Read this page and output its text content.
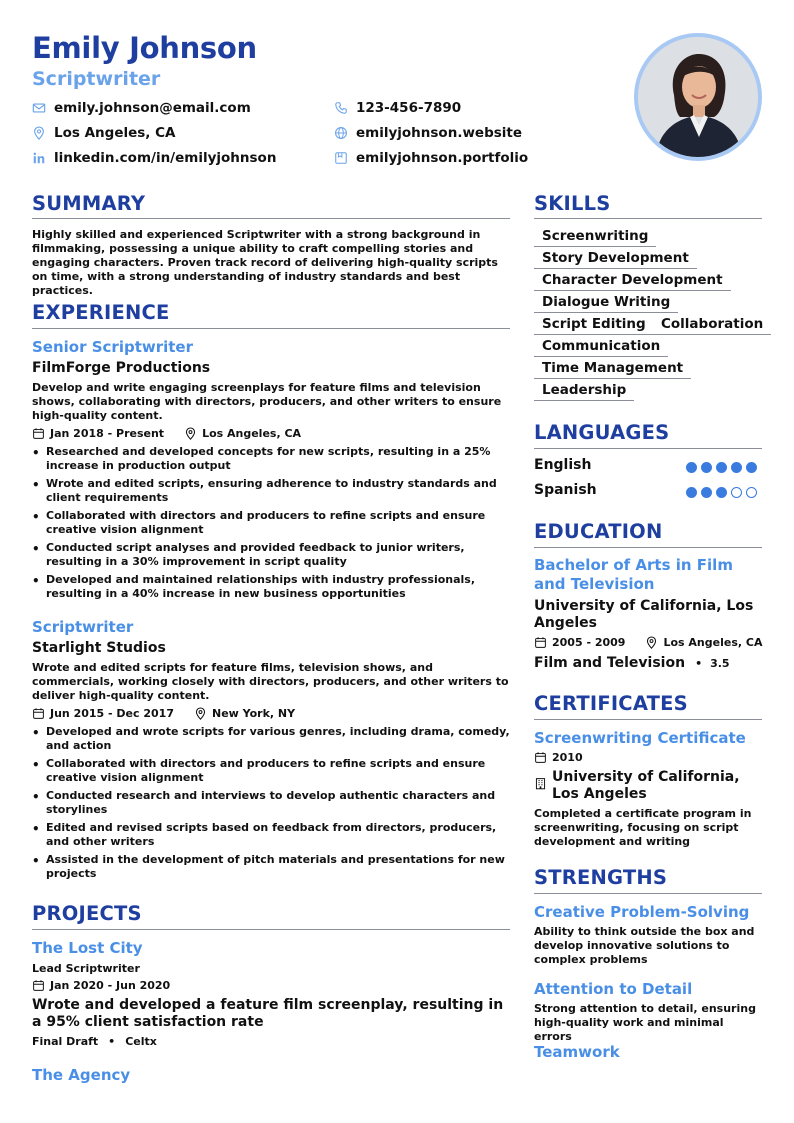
Emily Johnson
Scriptwriter
emily.johnson@email.com	123-456-7890
Los Angeles, CA	emilyjohnson.website
linkedin.com/in/emilyjohnson	emilyjohnson.portfolio
SUMMARY
Highly skilled and experienced Scriptwriter with a strong background in filmmaking, possessing a unique ability to craft compelling stories and engaging characters. Proven track record of delivering high-quality scripts on time, with a strong understanding of industry standards and best practices.
EXPERIENCE
Senior Scriptwriter
FilmForge Productions
Develop and write engaging screenplays for feature films and television shows, collaborating with directors, producers, and other writers to ensure high-quality content.
Jan 2018 - Present	Los Angeles, CA
• Researched and developed concepts for new scripts, resulting in a 25% increase in production output
• Wrote and edited scripts, ensuring adherence to industry standards and client requirements
• Collaborated with directors and producers to refine scripts and ensure creative vision alignment
• Conducted script analyses and provided feedback to junior writers, resulting in a 30% improvement in script quality
• Developed and maintained relationships with industry professionals, resulting in a 40% increase in new business opportunities
Scriptwriter
Starlight Studios
Wrote and edited scripts for feature films, television shows, and commercials, working closely with directors, producers, and other writers to deliver high-quality content.
Jun 2015 - Dec 2017	New York, NY
• Developed and wrote scripts for various genres, including drama, comedy, and action
• Collaborated with directors and producers to refine scripts and ensure creative vision alignment
• Conducted research and interviews to develop authentic characters and storylines
• Edited and revised scripts based on feedback from directors, producers, and other writers
• Assisted in the development of pitch materials and presentations for new projects
PROJECTS
The Lost City
Lead Scriptwriter
Jan 2020 - Jun 2020
Wrote and developed a feature film screenplay, resulting in a 95% client satisfaction rate
Final Draft • Celtx
The Agency
SKILLS
Screenwriting
Story Development
Character Development
Dialogue Writing
Script Editing	Collaboration
Communication
Time Management
Leadership
LANGUAGES
English
Spanish
EDUCATION
Bachelor of Arts in Film and Television
University of California, Los Angeles
2005 - 2009	Los Angeles, CA
Film and Television • 3.5
CERTIFICATES
Screenwriting Certificate
2010
University of California, Los Angeles
Completed a certificate program in screenwriting, focusing on script development and writing
STRENGTHS
Creative Problem-Solving
Ability to think outside the box and develop innovative solutions to complex problems
Attention to Detail
Strong attention to detail, ensuring high-quality work and minimal errors
Teamwork
